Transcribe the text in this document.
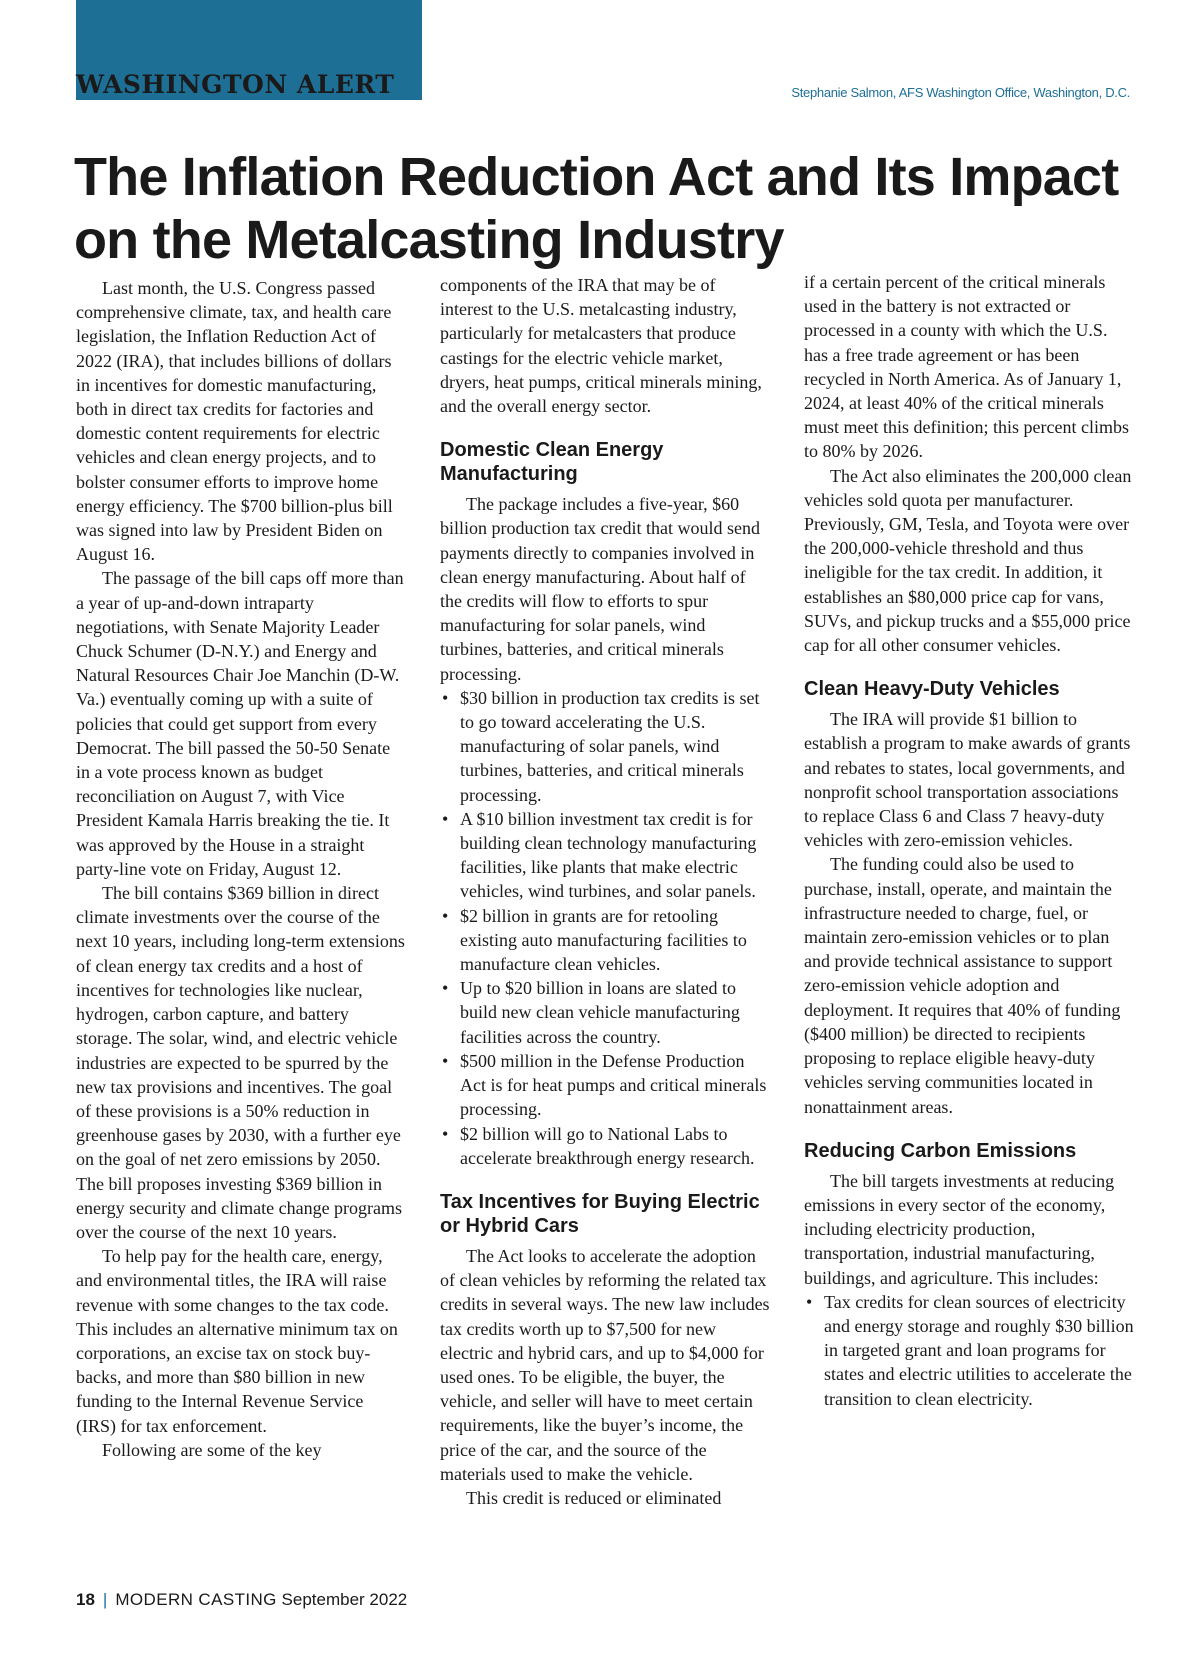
WASHINGTON ALERT	Stephanie Salmon, AFS Washington Office, Washington, D.C.
The Inflation Reduction Act and Its Impact
on the Metalcasting Industry

Last month, the U.S. Congress passed comprehensive climate, tax, and health care legislation, the Inflation Reduction Act of 2022 (IRA), that includes billions of dollars in incentives for domestic manufacturing, both in direct tax credits for factories and domestic content requirements for electric vehicles and clean energy projects, and to bolster consumer efforts to improve home energy efficiency. The $700 billion-plus bill was signed into law by President Biden on August 16.

The passage of the bill caps off more than a year of up-and-down intraparty negotiations, with Senate Majority Leader Chuck Schumer (D-N.Y.) and Energy and Natural Resources Chair Joe Manchin (D-W. Va.) eventually coming up with a suite of policies that could get support from every Democrat. The bill passed the 50-50 Senate in a vote process known as budget reconciliation on August 7, with Vice President Kamala Harris breaking the tie. It was approved by the House in a straight party-line vote on Friday, August 12.

The bill contains $369 billion in direct climate investments over the course of the next 10 years, including long-term extensions of clean energy tax credits and a host of incentives for technologies like nuclear, hydrogen, carbon capture, and battery storage. The solar, wind, and electric vehicle industries are expected to be spurred by the new tax provisions and incentives. The goal of these provisions is a 50% reduction in greenhouse gases by 2030, with a further eye on the goal of net zero emissions by 2050. The bill proposes investing $369 billion in energy security and climate change programs over the course of the next 10 years.

To help pay for the health care, energy, and environmental titles, the IRA will raise revenue with some changes to the tax code. This includes an alternative minimum tax on corporations, an excise tax on stock buy-backs, and more than $80 billion in new funding to the Internal Revenue Service (IRS) for tax enforcement.

Following are some of the key

components of the IRA that may be of interest to the U.S. metalcasting industry, particularly for metalcasters that produce castings for the electric vehicle market, dryers, heat pumps, critical minerals mining, and the overall energy sector.

Domestic Clean Energy Manufacturing

The package includes a five-year, $60 billion production tax credit that would send payments directly to companies involved in clean energy manufacturing. About half of the credits will flow to efforts to spur manufacturing for solar panels, wind turbines, batteries, and critical minerals processing.

• $30 billion in production tax credits is set to go toward accelerating the U.S. manufacturing of solar panels, wind turbines, batteries, and critical minerals processing.
• A $10 billion investment tax credit is for building clean technology manufacturing facilities, like plants that make electric vehicles, wind turbines, and solar panels.
• $2 billion in grants are for retooling existing auto manufacturing facilities to manufacture clean vehicles.
• Up to $20 billion in loans are slated to build new clean vehicle manufacturing facilities across the country.
• $500 million in the Defense Production Act is for heat pumps and critical minerals processing.
• $2 billion will go to National Labs to accelerate breakthrough energy research.
Tax Incentives for Buying Electric or Hybrid Cars

The Act looks to accelerate the adoption of clean vehicles by reforming the related tax credits in several ways. The new law includes tax credits worth up to $7,500 for new electric and hybrid cars, and up to $4,000 for used ones. To be eligible, the buyer, the vehicle, and seller will have to meet certain requirements, like the buyer’s income, the price of the car, and the source of the materials used to make the vehicle.

This credit is reduced or eliminated

if a certain percent of the critical minerals used in the battery is not extracted or processed in a county with which the U.S. has a free trade agreement or has been recycled in North America. As of January 1, 2024, at least 40% of the critical minerals must meet this definition; this percent climbs to 80% by 2026.

The Act also eliminates the 200,000 clean vehicles sold quota per manufacturer. Previously, GM, Tesla, and Toyota were over the 200,000-vehicle threshold and thus ineligible for the tax credit. In addition, it establishes an $80,000 price cap for vans, SUVs, and pickup trucks and a $55,000 price cap for all other consumer vehicles.

Clean Heavy-Duty Vehicles

The IRA will provide $1 billion to establish a program to make awards of grants and rebates to states, local governments, and nonprofit school transportation associations to replace Class 6 and Class 7 heavy-duty vehicles with zero-emission vehicles.

The funding could also be used to purchase, install, operate, and maintain the infrastructure needed to charge, fuel, or maintain zero-emission vehicles or to plan and provide technical assistance to support zero-emission vehicle adoption and deployment. It requires that 40% of funding ($400 million) be directed to recipients proposing to replace eligible heavy-duty vehicles serving communities located in nonattainment areas.

Reducing Carbon Emissions

The bill targets investments at reducing emissions in every sector of the economy, including electricity production, transportation, industrial manufacturing, buildings, and agriculture. This includes:

• Tax credits for clean sources of electricity and energy storage and roughly $30 billion in targeted grant and loan programs for states and electric utilities to accelerate the transition to clean electricity.
18 | MODERN CASTING September 2022
